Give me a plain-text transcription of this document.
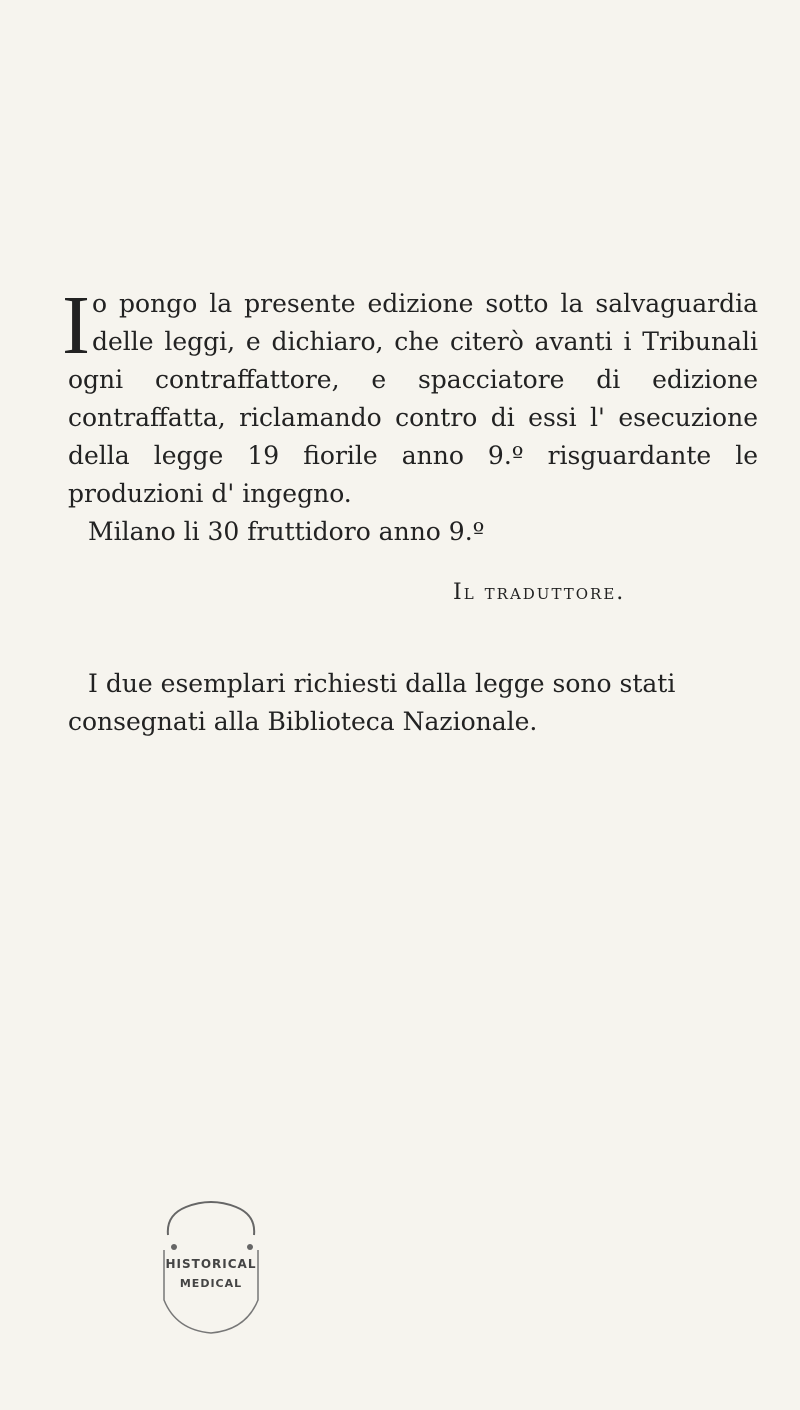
Io pongo la presente edizione sotto la salvaguardia delle leggi, e dichiaro, che citerò avanti i Tribunali ogni contraffattore, e spacciatore di edizione contraffatta, riclamando contro di essi l' esecuzione della legge 19 fiorile anno 9.º risguardante le produzioni d' ingegno.

Milano li 30 fruttidoro anno 9.º

Il traduttore.

I due esemplari richiesti dalla legge sono stati consegnati alla Biblioteca Nazionale.

HISTORICAL
MEDICAL
